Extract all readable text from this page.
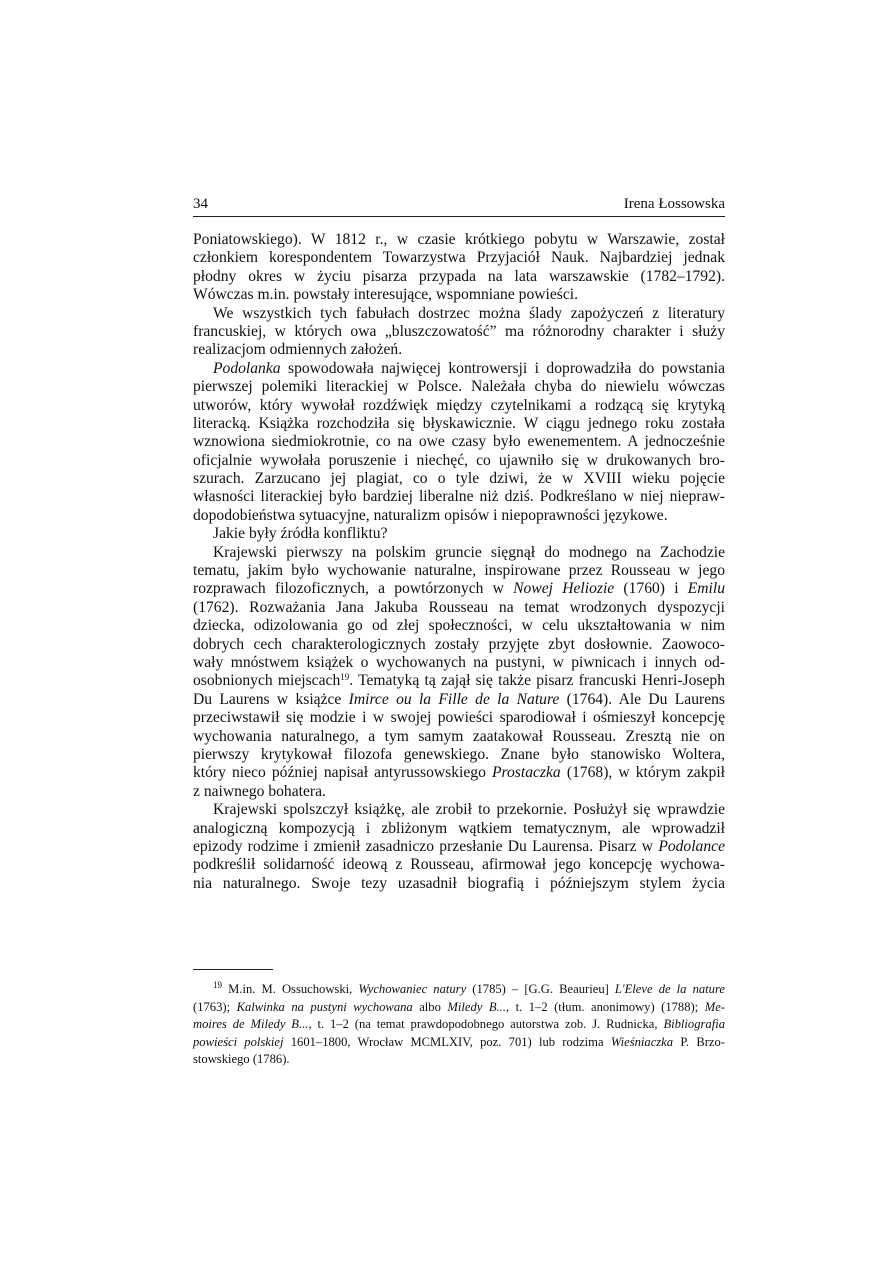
34	Irena Łossowska
Poniatowskiego). W 1812 r., w czasie krótkiego pobytu w Warszawie, został
członkiem korespondentem Towarzystwa Przyjaciół Nauk. Najbardziej jednak
płodny okres w życiu pisarza przypada na lata warszawskie (1782–1792).
Wówczas m.in. powstały interesujące, wspomniane powieści.
We wszystkich tych fabułach dostrzec można ślady zapożyczeń z literatury
francuskiej, w których owa „bluszczowatość” ma różnorodny charakter i służy
realizacjom odmiennych założeń.
Podolanka spowodowała najwięcej kontrowersji i doprowadziła do powstania
pierwszej polemiki literackiej w Polsce. Należała chyba do niewielu wówczas
utworów, który wywołał rozdźwięk między czytelnikami a rodzącą się krytyką
literacką. Książka rozchodziła się błyskawicznie. W ciągu jednego roku została
wznowiona siedmiokrotnie, co na owe czasy było ewenementem. A jednocześnie
oficjalnie wywołała poruszenie i niechęć, co ujawniło się w drukowanych bro-
szurach. Zarzucano jej plagiat, co o tyle dziwi, że w XVIII wieku pojęcie
własności literackiej było bardziej liberalne niż dziś. Podkreślano w niej niepraw-
dopodobieństwa sytuacyjne, naturalizm opisów i niepoprawności językowe.
Jakie były źródła konfliktu?
Krajewski pierwszy na polskim gruncie sięgnął do modnego na Zachodzie
tematu, jakim było wychowanie naturalne, inspirowane przez Rousseau w jego
rozprawach filozoficznych, a powtórzonych w Nowej Heliozie (1760) i Emilu
(1762). Rozważania Jana Jakuba Rousseau na temat wrodzonych dyspozycji
dziecka, odizolowania go od złej społeczności, w celu ukształtowania w nim
dobrych cech charakterologicznych zostały przyjęte zbyt dosłownie. Zaowoco-
wały mnóstwem książek o wychowanych na pustyni, w piwnicach i innych od-
osobnionych miejscach$^{19}$. Tematyką tą zajął się także pisarz francuski Henri-Joseph
Du Laurens w książce Imirce ou la Fille de la Nature (1764). Ale Du Laurens
przeciwstawił się modzie i w swojej powieści sparodiował i ośmieszył koncepcję
wychowania naturalnego, a tym samym zaatakował Rousseau. Zresztą nie on
pierwszy krytykował filozofa genewskiego. Znane było stanowisko Woltera,
który nieco później napisał antyrussowskiego Prostaczka (1768), w którym zakpił
z naiwnego bohatera.
Krajewski spolszczył książkę, ale zrobił to przekornie. Posłużył się wprawdzie
analogiczną kompozycją i zbliżonym wątkiem tematycznym, ale wprowadził
epizody rodzime i zmienił zasadniczo przesłanie Du Laurensa. Pisarz w Podolance
podkreślił solidarność ideową z Rousseau, afirmował jego koncepcję wychowa-
nia naturalnego. Swoje tezy uzasadnił biografią i późniejszym stylem życia
$^{19}$ M.in. M. Ossuchowski, Wychowaniec natury (1785) – [G.G. Beaurieu] L'Eleve de la nature
(1763); Kalwinka na pustyni wychowana albo Miledy B..., t. 1–2 (tłum. anonimowy) (1788); Me-
moires de Miledy B..., t. 1–2 (na temat prawdopodobnego autorstwa zob. J. Rudnicka, Bibliografia
powieści polskiej 1601–1800, Wrocław MCMLXIV, poz. 701) lub rodzima Wieśniaczka P. Brzo-
stowskiego (1786).
